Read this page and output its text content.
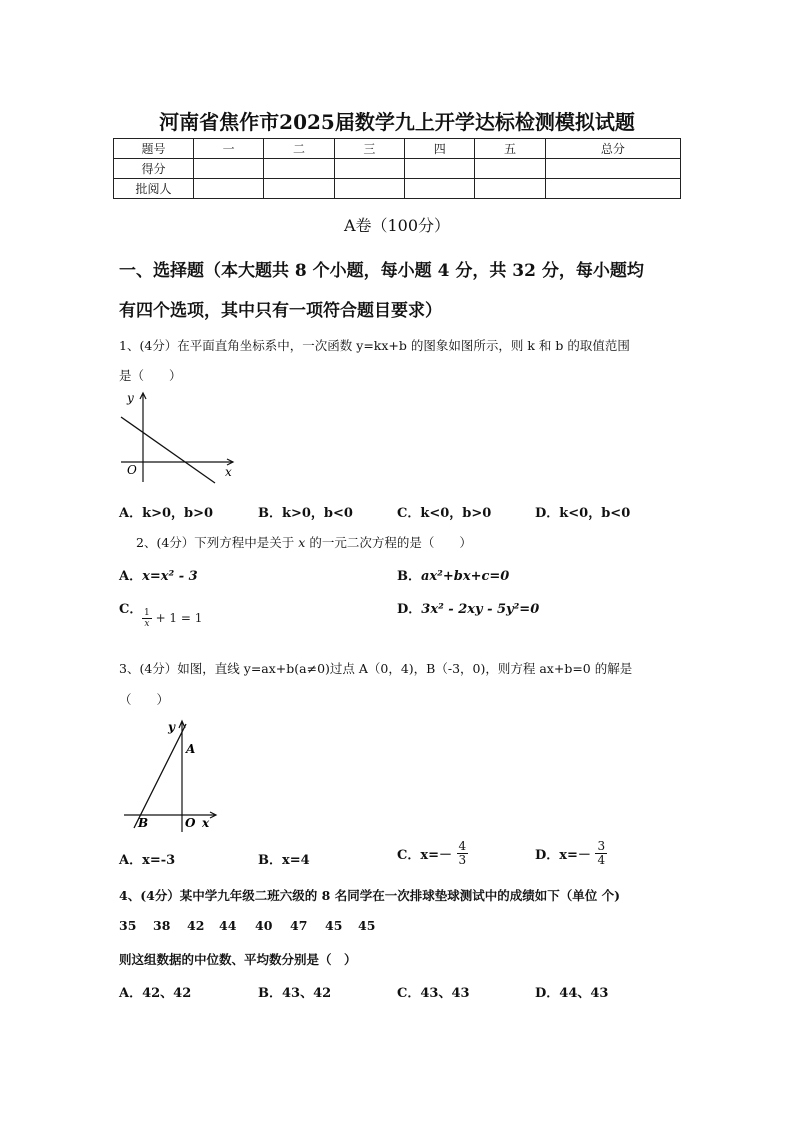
河南省焦作市2025届数学九上开学达标检测模拟试题
题号	一	二	三	四	五	总分
得分						
批阅人						
A卷（100分）
一、选择题（本大题共 8 个小题，每小题 4 分，共 32 分，每小题均
有四个选项，其中只有一项符合题目要求）
1、(4分）在平面直角坐标系中，一次函数 y=kx+b 的图象如图所示，则 k 和 b 的取值范围
是（　　）
y
x
O
A．k>0，b>0	B．k>0，b<0	C．k<0，b>0	D．k<0，b<0
2、(4分）下列方程中是关于 x 的一元二次方程的是（　　）
A．x=x² - 3	B．ax²+bx+c=0
C． $\frac{1}{x} + 1 = 1$
D．3x² - 2xy - 5y²=0
3、(4分）如图，直线 y=ax+b(a≠0)过点 A（0，4)，B（-3，0)，则方程 ax+b=0 的解是
（　　）
y
A
B	O x
A．x=-3	B．x=4	C．$x=- \frac{4}{3}$	D．$x=- \frac{3}{4}$
4、(4分）某中学九年级二班六级的 8 名同学在一次排球垫球测试中的成绩如下（单位 个)
35 38 42 44 40 47 45 45
则这组数据的中位数、平均数分别是（　）
A．42、42	B．43、42	C．43、43	D．44、43
